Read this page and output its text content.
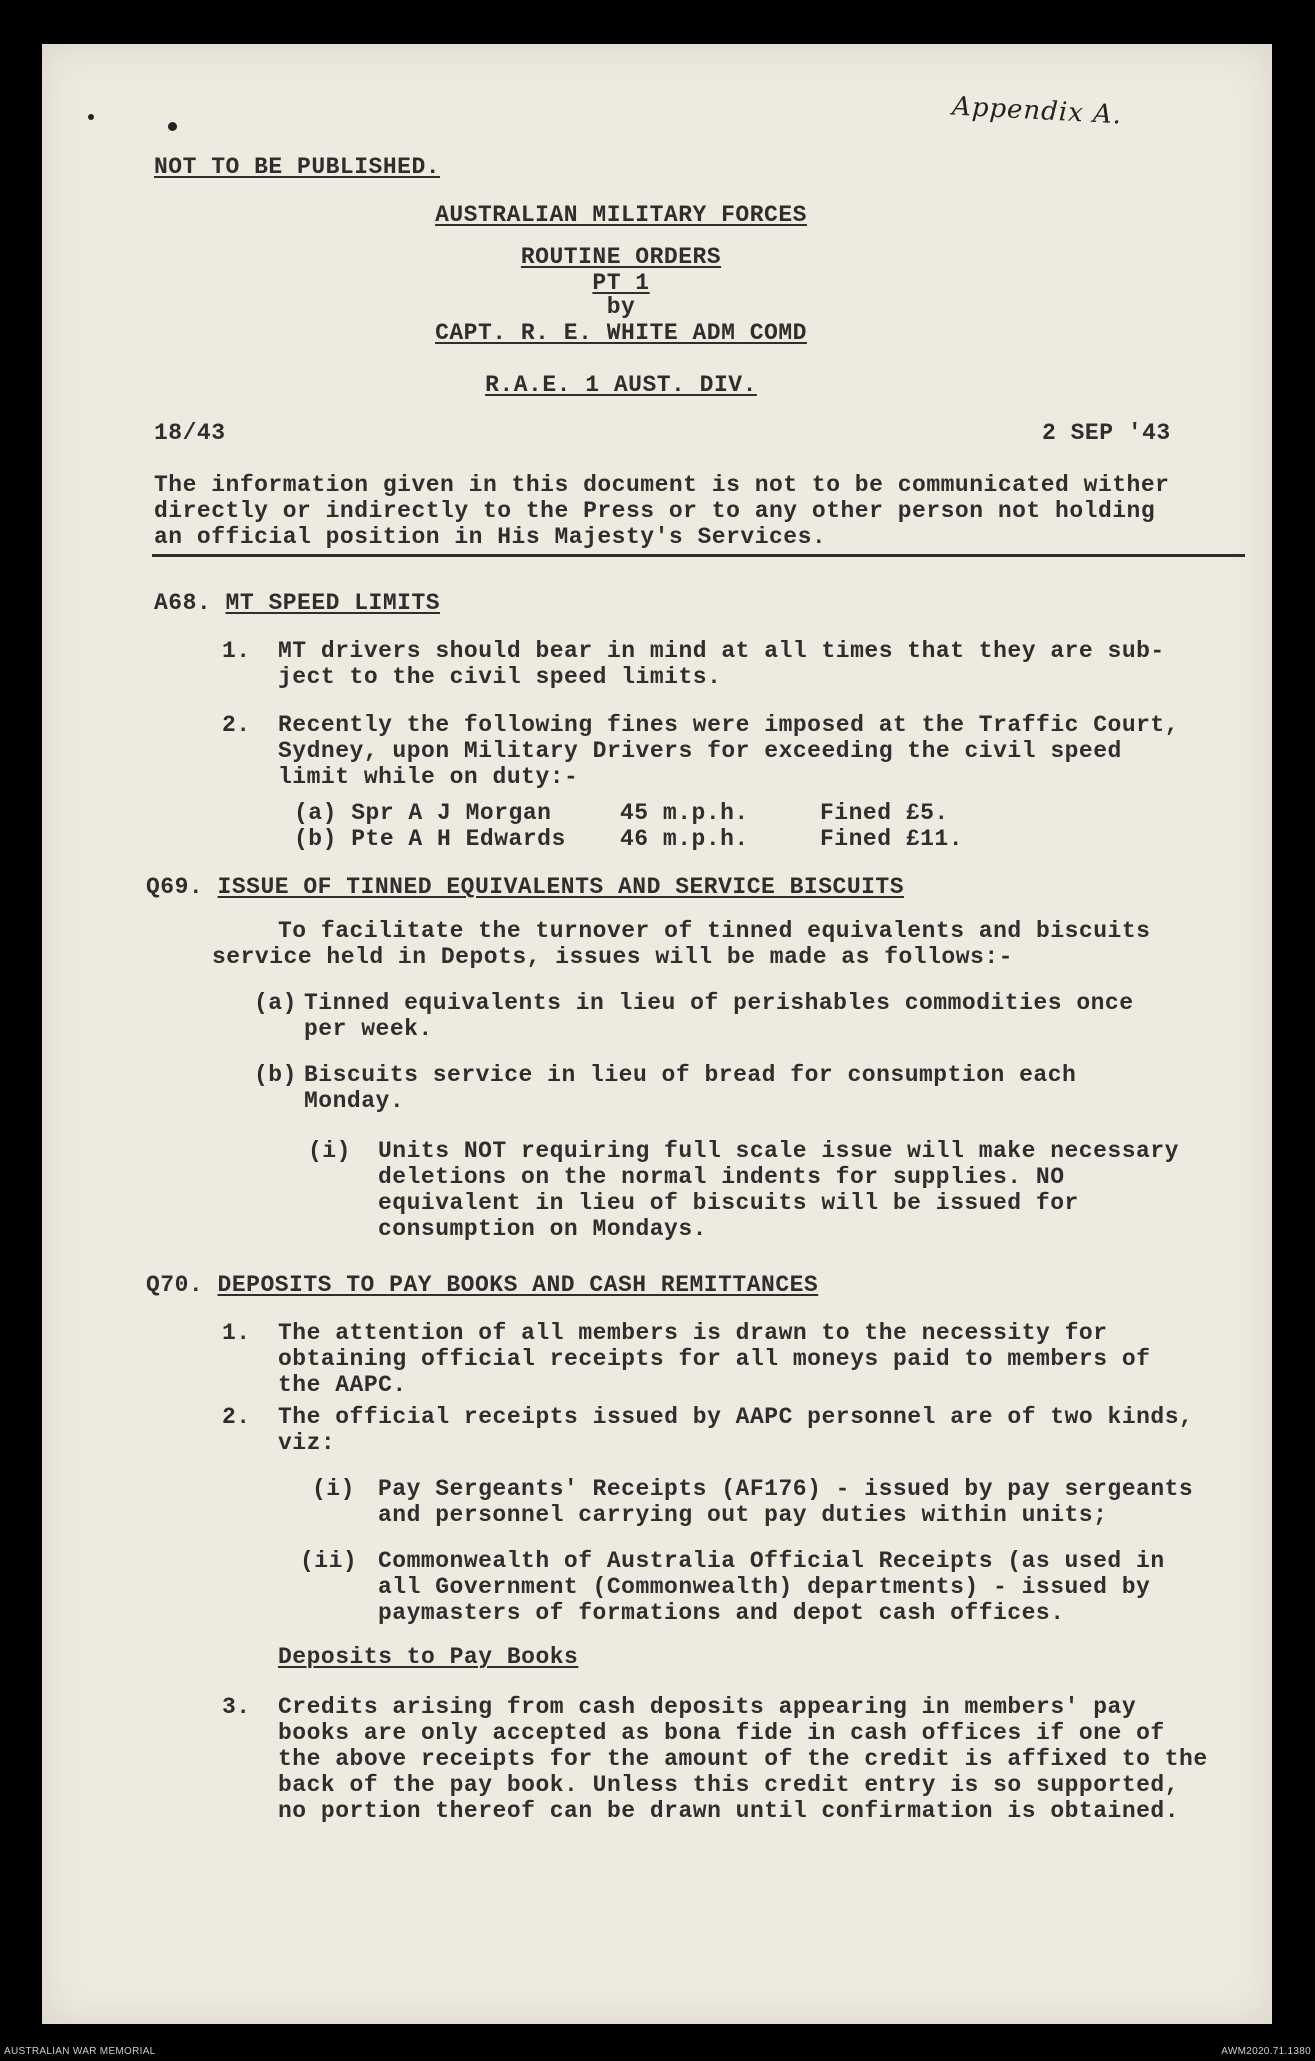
Appendix A.
NOT TO BE PUBLISHED.
AUSTRALIAN MILITARY FORCES
ROUTINE ORDERS
PT 1
by
CAPT. R. E. WHITE ADM COMD
R.A.E. 1 AUST. DIV.
18/43	2 SEP '43
The information given in this document is not to be communicated wither
directly or indirectly to the Press or to any other person not holding
an official position in His Majesty's Services.
A68. MT SPEED LIMITS
1. MT drivers should bear in mind at all times that they are sub-
ject to the civil speed limits.
2. Recently the following fines were imposed at the Traffic Court,
Sydney, upon Military Drivers for exceeding the civil speed
limit while on duty:-
(a) Spr A J Morgan	45 m.p.h.	Fined £5.
(b) Pte A H Edwards 46 m.p.h.	Fined £11.
Q69. ISSUE OF TINNED EQUIVALENTS AND SERVICE BISCUITS
To facilitate the turnover of tinned equivalents and biscuits
service held in Depots, issues will be made as follows:-
(a) Tinned equivalents in lieu of perishables commodities once
per week.
(b) Biscuits service in lieu of bread for consumption each
Monday.
(i) Units NOT requiring full scale issue will make necessary
deletions on the normal indents for supplies. NO
equivalent in lieu of biscuits will be issued for
consumption on Mondays.
Q70. DEPOSITS TO PAY BOOKS AND CASH REMITTANCES
1. The attention of all members is drawn to the necessity for
obtaining official receipts for all moneys paid to members of
the AAPC.
2. The official receipts issued by AAPC personnel are of two kinds,
viz:
(i) Pay Sergeants' Receipts (AF176) - issued by pay sergeants
and personnel carrying out pay duties within units;
(ii) Commonwealth of Australia Official Receipts (as used in
all Government (Commonwealth) departments) - issued by
paymasters of formations and depot cash offices.
Deposits to Pay Books
3. Credits arising from cash deposits appearing in members' pay
books are only accepted as bona fide in cash offices if one of
the above receipts for the amount of the credit is affixed to the
back of the pay book. Unless this credit entry is so supported,
no portion thereof can be drawn until confirmation is obtained.
AUSTRALIAN WAR MEMORIAL	AWM2020.71.1380
